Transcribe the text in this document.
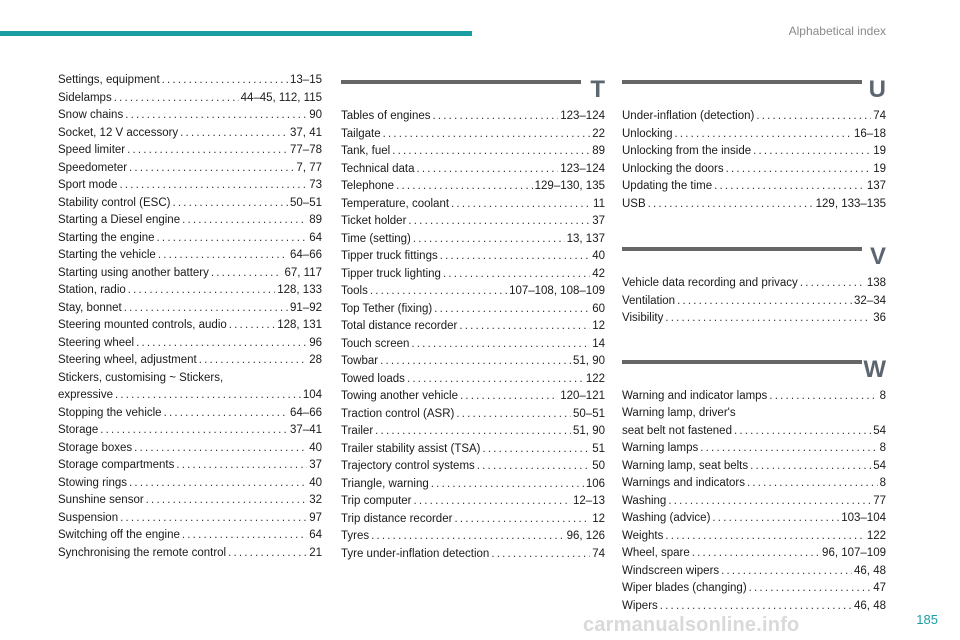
Alphabetical index
Settings, equipment . . .	13–15
Sidelamps . . .	44–45, 112, 115
Snow chains . . .	90
Socket, 12 V accessory . . .	37, 41
Speed limiter . . .	77–78
Speedometer . . .	7, 77
Sport mode . . .	73
Stability control (ESC) . . .	50–51
Starting a Diesel engine . . .	89
Starting the engine . . .	64
Starting the vehicle . . .	64–66
Starting using another battery . . .	67, 117
Station, radio . . .	128, 133
Stay, bonnet . . .	91–92
Steering mounted controls, audio . . .	128, 131
Steering wheel . . .	96
Steering wheel, adjustment . . .	28
Stickers, customising ~ Stickers,
expressive . . .	104
Stopping the vehicle . . .	64–66
Storage . . .	37–41
Storage boxes . . .	40
Storage compartments . . .	37
Stowing rings . . .	40
Sunshine sensor . . .	32
Suspension . . .	97
Switching off the engine . . .	64
Synchronising the remote control . . .	21
T
Tables of engines . . .	123–124
Tailgate . . .	22
Tank, fuel . . .	89
Technical data . . .	123–124
Telephone . . .	129–130, 135
Temperature, coolant . . .	11
Ticket holder . . .	37
Time (setting) . . .	13, 137
Tipper truck fittings . . .	40
Tipper truck lighting . . .	42
Tools . . .	107–108, 108–109
Top Tether (fixing) . . .	60
Total distance recorder . . .	12
Touch screen . . .	14
Towbar . . .	51, 90
Towed loads . . .	122
Towing another vehicle . . .	120–121
Traction control (ASR) . . .	50–51
Trailer . . .	51, 90
Trailer stability assist (TSA) . . .	51
Trajectory control systems . . .	50
Triangle, warning . . .	106
Trip computer . . .	12–13
Trip distance recorder . . .	12
Tyres . . .	96, 126
Tyre under-inflation detection . . .	74
U
Under-inflation (detection) . . .	74
Unlocking . . .	16–18
Unlocking from the inside . . .	19
Unlocking the doors . . .	19
Updating the time . . .	137
USB . . .	129, 133–135
V
Vehicle data recording and privacy . . .	138
Ventilation . . .	32–34
Visibility . . .	36
W
Warning and indicator lamps . . .	8
Warning lamp, driver's
seat belt not fastened . . .	54
Warning lamps . . .	8
Warning lamp, seat belts . . .	54
Warnings and indicators . . .	8
Washing . . .	77
Washing (advice) . . .	103–104
Weights . . .	122
Wheel, spare . . .	96, 107–109
Windscreen wipers . . .	46, 48
Wiper blades (changing) . . .	47
Wipers . . .	46, 48
carmanualsonline.info	185
